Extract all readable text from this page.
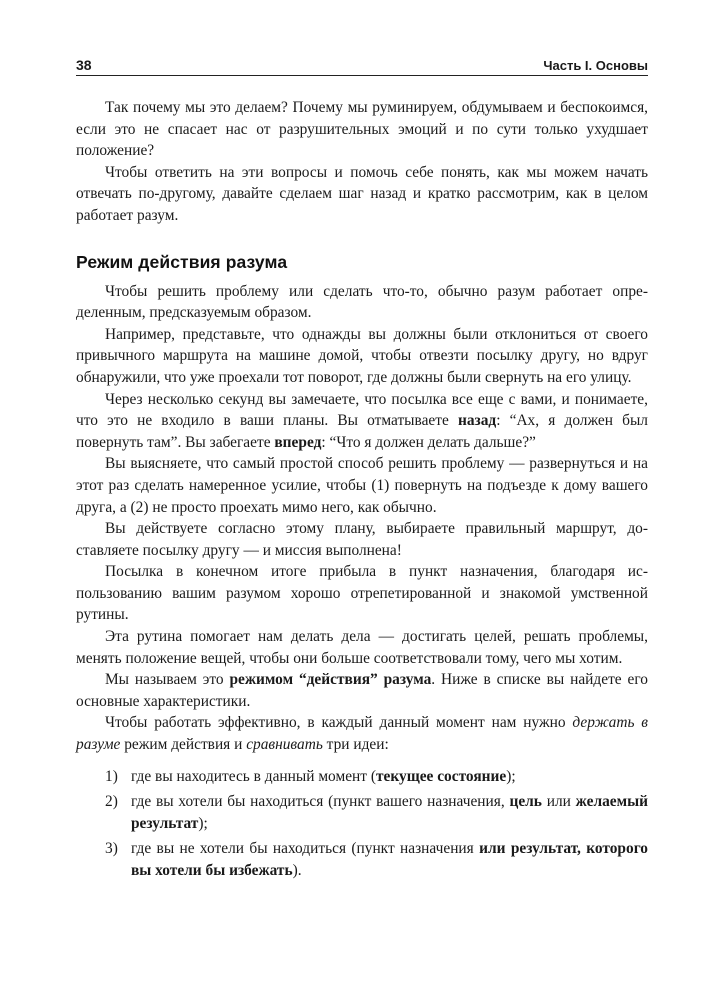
38	Часть I. Основы

Так почему мы это делаем? Почему мы руминируем, обдумываем и беспокоимся, если это не спасает нас от разрушительных эмоций и по сути только ухудшает положение?

Чтобы ответить на эти вопросы и помочь себе понять, как мы можем начать отвечать по-другому, давайте сделаем шаг назад и кратко рассмотрим, как в целом работает разум.

Режим действия разума

Чтобы решить проблему или сделать что-то, обычно разум работает определенным, предсказуемым образом.

Например, представьте, что однажды вы должны были отклониться от своего привычного маршрута на машине домой, чтобы отвезти посылку другу, но вдруг обнаружили, что уже проехали тот поворот, где должны были свернуть на его улицу.

Через несколько секунд вы замечаете, что посылка все еще с вами, и понимаете, что это не входило в ваши планы. Вы отматываете назад: “Ах, я должен был повернуть там”. Вы забегаете вперед: “Что я должен делать дальше?”

Вы выясняете, что самый простой способ решить проблему — развернуться и на этот раз сделать намеренное усилие, чтобы (1) повернуть на подъезде к дому вашего друга, а (2) не просто проехать мимо него, как обычно.

Вы действуете согласно этому плану, выбираете правильный маршрут, доставляете посылку другу — и миссия выполнена!

Посылка в конечном итоге прибыла в пункт назначения, благодаря использованию вашим разумом хорошо отрепетированной и знакомой умственной рутины.

Эта рутина помогает нам делать дела — достигать целей, решать проблемы, менять положение вещей, чтобы они больше соответствовали тому, чего мы хотим.

Мы называем это режимом “действия” разума. Ниже в списке вы найдете его основные характеристики.

Чтобы работать эффективно, в каждый данный момент нам нужно держать в разуме режим действия и сравнивать три идеи:

1) где вы находитесь в данный момент (текущее состояние);
2) где вы хотели бы находиться (пункт вашего назначения, цель или желаемый результат);
3) где вы не хотели бы находиться (пункт назначения или результат, которого вы хотели бы избежать).
